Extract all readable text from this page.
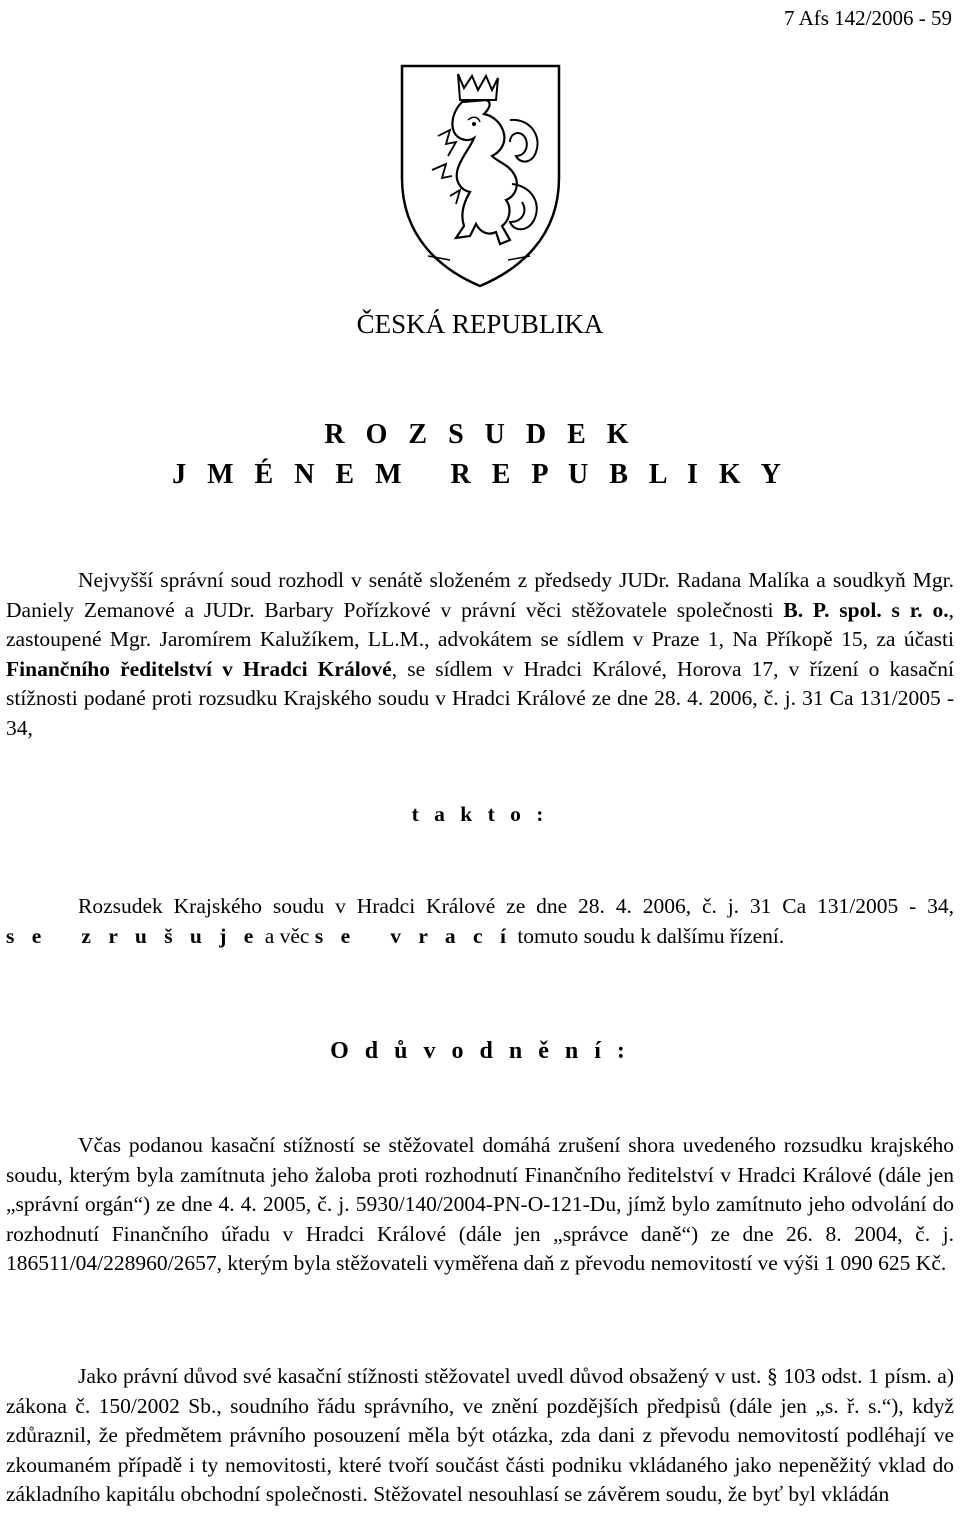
7 Afs 142/2006 - 59
ČESKÁ REPUBLIKA
R O Z S U D E K
J M É N E M   R E P U B L I K Y
Nejvyšší správní soud rozhodl v senátě složeném z předsedy JUDr. Radana Malíka a soudkyň Mgr. Daniely Zemanové a JUDr. Barbary Pořízkové v právní věci stěžovatele společnosti B. P. spol. s r. o., zastoupené Mgr. Jaromírem Kalužíkem, LL.M., advokátem se sídlem v Praze 1, Na Příkopě 15, za účasti Finančního ředitelství v Hradci Králové, se sídlem v Hradci Králové, Horova 17, v řízení o kasační stížnosti podané proti rozsudku Krajského soudu v Hradci Králové ze dne 28. 4. 2006, č. j. 31 Ca 131/2005 - 34,
t a k t o :
Rozsudek Krajského soudu v Hradci Králové ze dne 28. 4. 2006, č. j. 31 Ca 131/2005 - 34, s e   z r u š u j e a věc s e   v r a c í tomuto soudu k dalšímu řízení.
O d ů v o d n ě n í :
Včas podanou kasační stížností se stěžovatel domáhá zrušení shora uvedeného rozsudku krajského soudu, kterým byla zamítnuta jeho žaloba proti rozhodnutí Finančního ředitelství v Hradci Králové (dále jen „správní orgán“) ze dne 4. 4. 2005, č. j. 5930/140/2004-PN-O-121-Du, jímž bylo zamítnuto jeho odvolání do rozhodnutí Finančního úřadu v Hradci Králové (dále jen „správce daně“) ze dne 26. 8. 2004, č. j. 186511/04/228960/2657, kterým byla stěžovateli vyměřena daň z převodu nemovitostí ve výši 1 090 625 Kč.
Jako právní důvod své kasační stížnosti stěžovatel uvedl důvod obsažený v ust. § 103 odst. 1 písm. a) zákona č. 150/2002 Sb., soudního řádu správního, ve znění pozdějších předpisů (dále jen „s. ř. s.“), když zdůraznil, že předmětem právního posouzení měla být otázka, zda dani z převodu nemovitostí podléhají ve zkoumaném případě i ty nemovitosti, které tvoří součást části podniku vkládaného jako nepeněžitý vklad do základního kapitálu obchodní společnosti. Stěžovatel nesouhlasí se závěrem soudu, že byť byl vkládán
